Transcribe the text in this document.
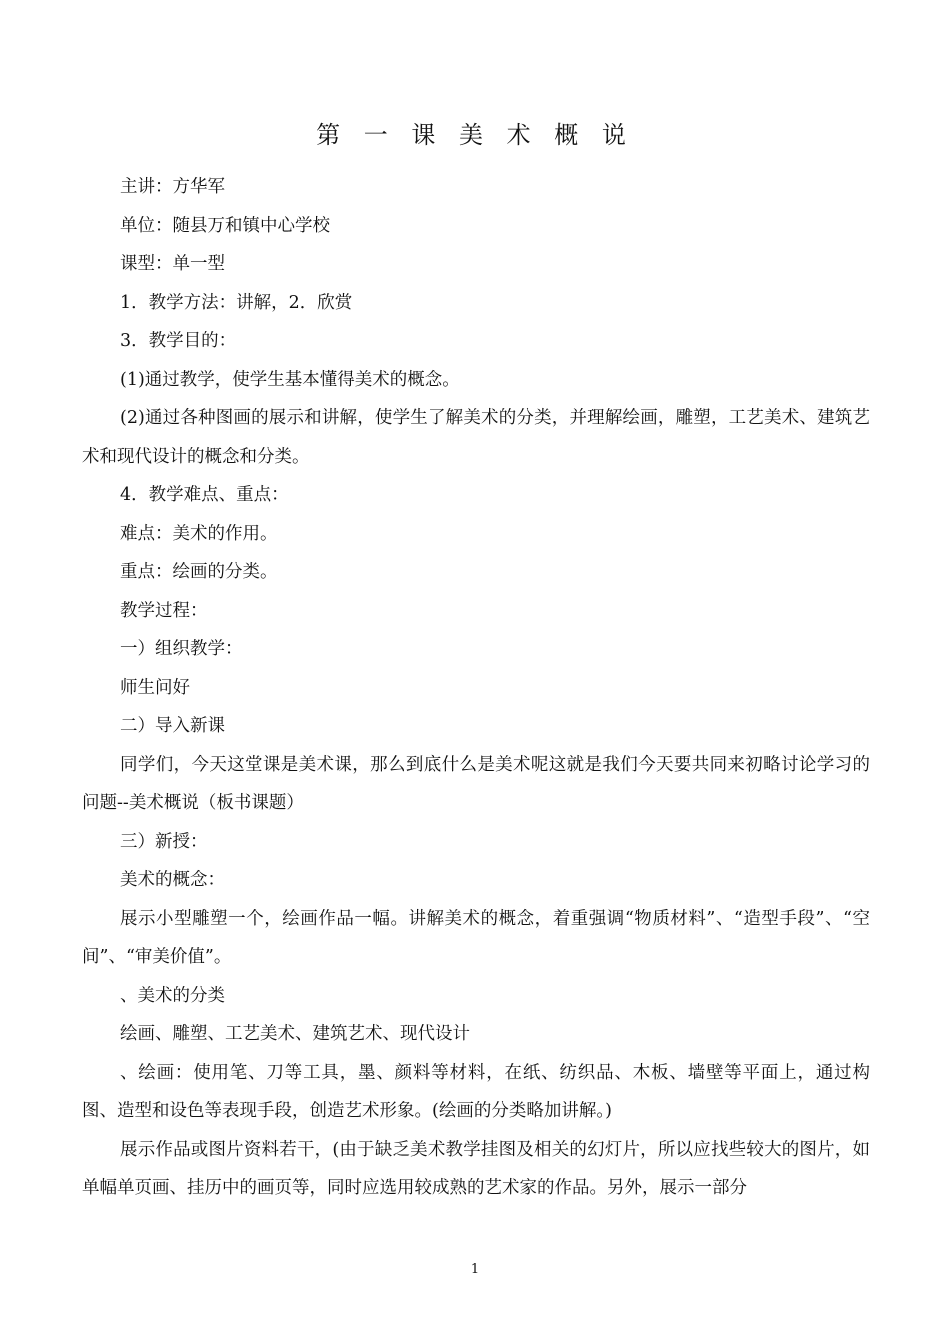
第 一 课 美 术 概 说

主讲：方华军

单位：随县万和镇中心学校

课型：单一型

1．教学方法：讲解，2．欣赏

3．教学目的：

(1)通过教学，使学生基本懂得美术的概念。

(2)通过各种图画的展示和讲解，使学生了解美术的分类，并理解绘画，雕塑，工艺美术、建筑艺术和现代设计的概念和分类。

4．教学难点、重点：

难点：美术的作用。

重点：绘画的分类。

教学过程：

一）组织教学：

师生问好

二）导入新课

同学们，今天这堂课是美术课，那么到底什么是美术呢这就是我们今天要共同来初略讨论学习的问题--美术概说（板书课题）

三）新授：

美术的概念：

展示小型雕塑一个，绘画作品一幅。讲解美术的概念，着重强调“物质材料”、“造型手段”、“空间”、“审美价值”。

、美术的分类

绘画、雕塑、工艺美术、建筑艺术、现代设计

、绘画：使用笔、刀等工具，墨、颜料等材料，在纸、纺织品、木板、墙壁等平面上，通过构图、造型和设色等表现手段，创造艺术形象。(绘画的分类略加讲解。)

展示作品或图片资料若干，(由于缺乏美术教学挂图及相关的幻灯片，所以应找些较大的图片，如单幅单页画、挂历中的画页等，同时应选用较成熟的艺术家的作品。另外，展示一部分

1
